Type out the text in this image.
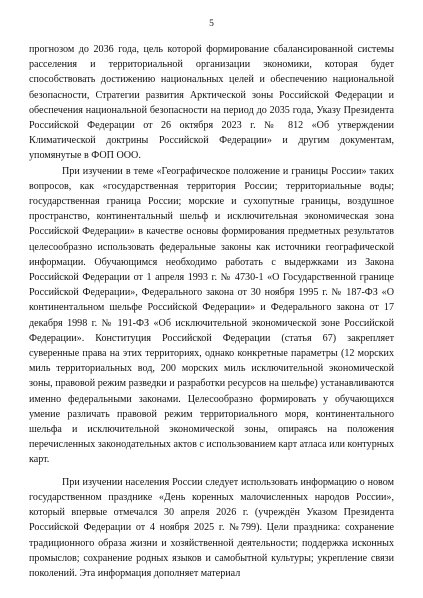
5

прогнозом до 2036 года, цель которой формирование сбалансированной системы расселения и территориальной организации экономики, которая будет способствовать достижению национальных целей и обеспечению национальной безопасности, Стратегии развития Арктической зоны Российской Федерации и обеспечения национальной безопасности на период до 2035 года, Указу Президента Российской Федерации от 26 октября 2023 г. № 812 «Об утверждении Климатической доктрины Российской Федерации» и другим документам, упомянутые в ФОП ООО.

При изучении в теме «Географическое положение и границы России» таких вопросов, как «государственная территория России; территориальные воды; государственная граница России; морские и сухопутные границы, воздушное пространство, континентальный шельф и исключительная экономическая зона Российской Федерации» в качестве основы формирования предметных результатов целесообразно использовать федеральные законы как источники географической информации. Обучающимся необходимо работать с выдержками из Закона Российской Федерации от 1 апреля 1993 г. № 4730-1 «О Государственной границе Российской Федерации», Федерального закона от 30 ноября 1995 г. № 187-ФЗ «О континентальном шельфе Российской Федерации» и Федерального закона от 17 декабря 1998 г. № 191-ФЗ «Об исключительной экономической зоне Российской Федерации». Конституция Российской Федерации (статья 67) закрепляет суверенные права на этих территориях, однако конкретные параметры (12 морских миль территориальных вод, 200 морских миль исключительной экономической зоны, правовой режим разведки и разработки ресурсов на шельфе) устанавливаются именно федеральными законами. Целесообразно формировать у обучающихся умение различать правовой режим территориального моря, континентального шельфа и исключительной экономической зоны, опираясь на положения перечисленных законодательных актов с использованием карт атласа или контурных карт.

При изучении населения России следует использовать информацию о новом государственном празднике «День коренных малочисленных народов России», который впервые отмечался 30 апреля 2026 г. (учреждён Указом Президента Российской Федерации от 4 ноября 2025 г. №799). Цели праздника: сохранение традиционного образа жизни и хозяйственной деятельности; поддержка исконных промыслов; сохранение родных языков и самобытной культуры; укрепление связи поколений. Эта информация дополняет материал
